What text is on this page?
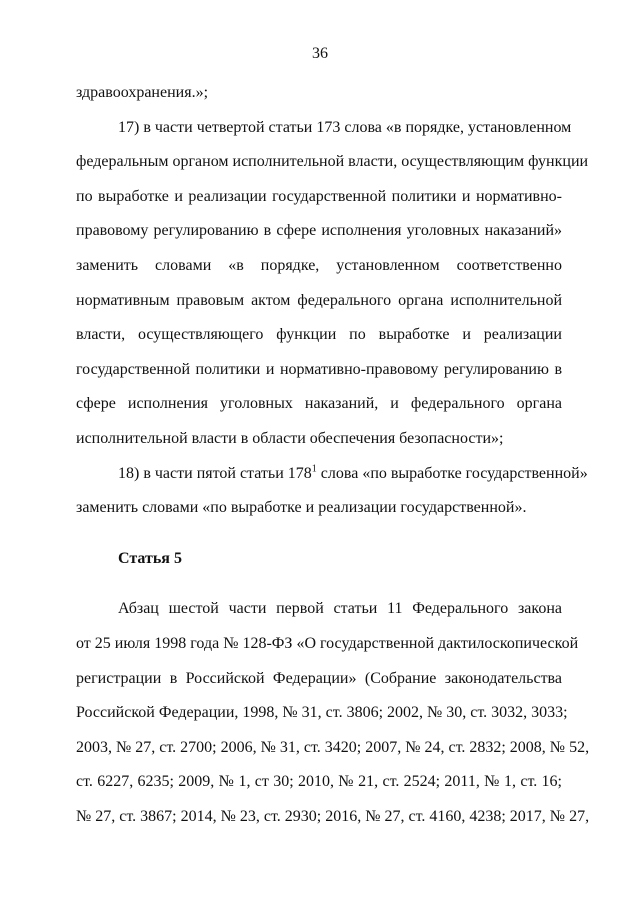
36
здравоохранения.»;
17) в части четвертой статьи 173 слова «в порядке, установленном
федеральным органом исполнительной власти, осуществляющим функции
по выработке и реализации государственной политики и нормативно-
правовому регулированию в сфере исполнения уголовных наказаний»
заменить словами «в порядке, установленном соответственно
нормативным правовым актом федерального органа исполнительной
власти, осуществляющего функции по выработке и реализации
государственной политики и нормативно-правовому регулированию в
сфере исполнения уголовных наказаний, и федерального органа
исполнительной власти в области обеспечения безопасности»;
18) в части пятой статьи $178^1$ слова «по выработке государственной»
заменить словами «по выработке и реализации государственной».
Статья 5
Абзац шестой части первой статьи 11 Федерального закона
от 25 июля 1998 года № 128-ФЗ «О государственной дактилоскопической
регистрации в Российской Федерации» (Собрание законодательства
Российской Федерации, 1998, № 31, ст. 3806; 2002, № 30, ст. 3032, 3033;
2003, № 27, ст. 2700; 2006, № 31, ст. 3420; 2007, № 24, ст. 2832; 2008, № 52,
ст. 6227, 6235; 2009, № 1, ст 30; 2010, № 21, ст. 2524; 2011, № 1, ст. 16;
№ 27, ст. 3867; 2014, № 23, ст. 2930; 2016, № 27, ст. 4160, 4238; 2017, № 27,
